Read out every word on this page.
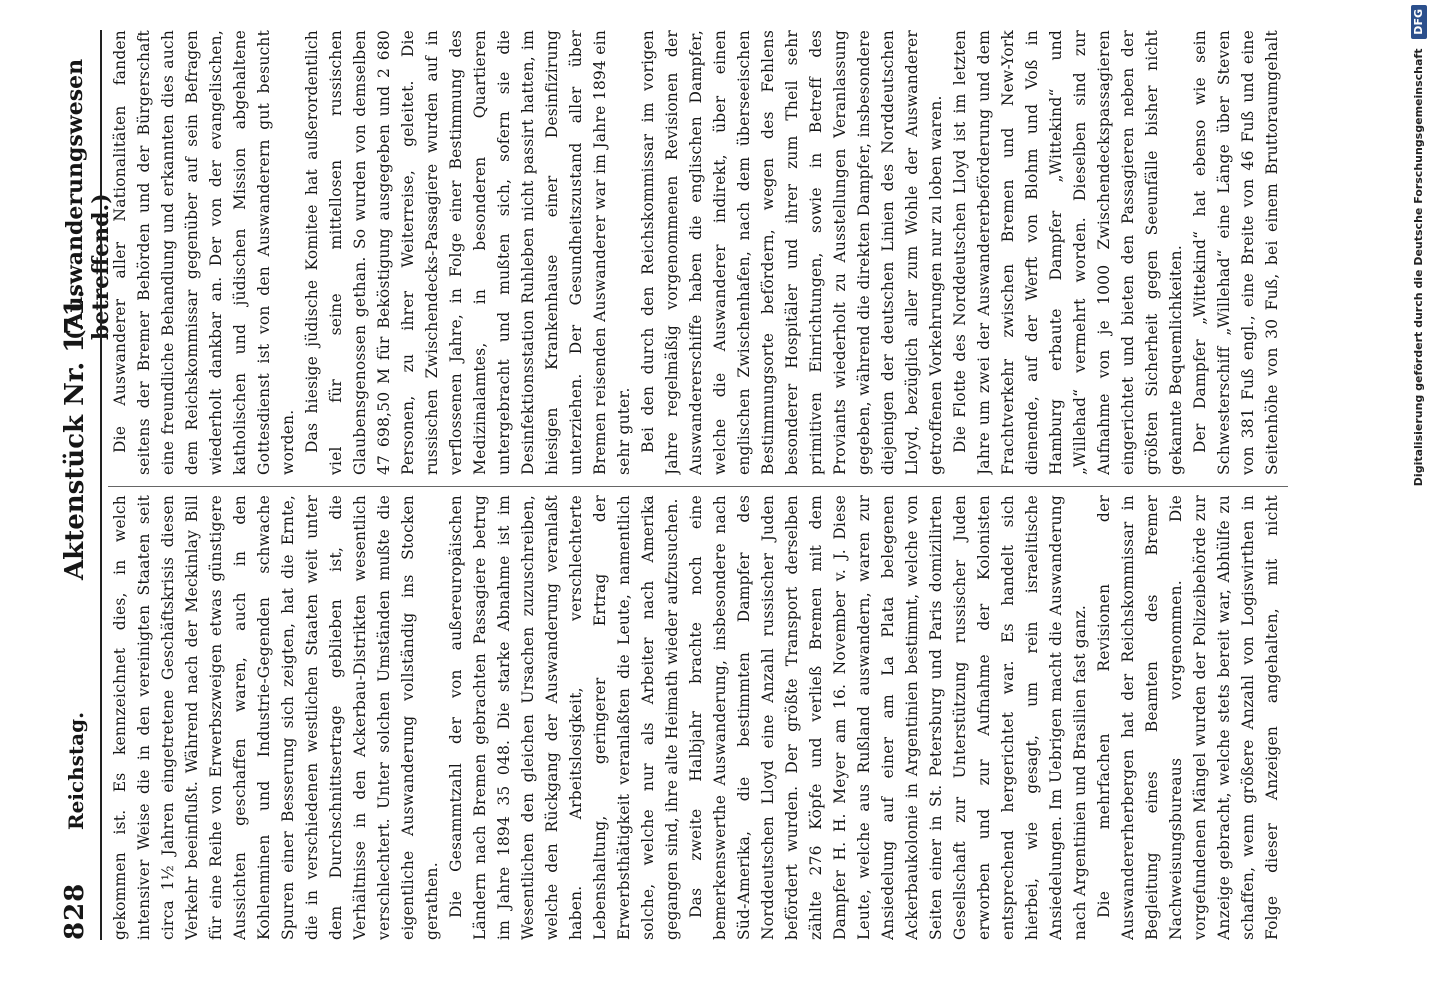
828
Reichstag.
Aktenstück Nr. 171.
(Auswanderungswesen betreffend.)

gekommen ist. Es kennzeichnet dies, in welch intensiver Weise die in den vereinigten Staaten seit circa 1½ Jahren eingetretene Geschäftskrisis diesen Verkehr beeinflußt. Während nach der Meckinlay Bill für eine Reihe von Erwerbszweigen etwas günstigere Aussichten geschaffen waren, auch in den Kohlenminen und Industrie-Gegenden schwache Spuren einer Besserung sich zeigten, hat die Ernte, die in verschiedenen westlichen Staaten weit unter dem Durchschnittsertrage geblieben ist, die Verhältnisse in den Ackerbau-Distrikten wesentlich verschlechtert. Unter solchen Umständen mußte die eigentliche Auswanderung vollständig ins Stocken gerathen. Die Gesammtzahl der von außereuropäischen Ländern nach Bremen gebrachten Passagiere betrug im Jahre 1894 35 048. Die starke Abnahme ist im Wesentlichen den gleichen Ursachen zuzuschreiben, welche den Rückgang der Auswanderung veranlaßt haben. Arbeitslosigkeit, verschlechterte Lebenshaltung, geringerer Ertrag der Erwerbsthätigkeit veranlaßten die Leute, namentlich solche, welche nur als Arbeiter nach Amerika gegangen sind, ihre alte Heimath wieder aufzusuchen. Das zweite Halbjahr brachte noch eine bemerkenswerthe Auswanderung, insbesondere nach Süd-Amerika, die bestimmten Dampfer des Norddeutschen Lloyd eine Anzahl russischer Juden befördert wurden. Der größte Transport derselben zählte 276 Köpfe und verließ Bremen mit dem Dampfer H. H. Meyer am 16. November v. J. Diese Leute, welche aus Rußland auswandern, waren zur Ansiedelung auf einer am La Plata belegenen Ackerbaukolonie in Argentinien bestimmt, welche von Seiten einer in St. Petersburg und Paris domizilirten Gesellschaft zur Unterstützung russischer Juden erworben und zur Aufnahme der Kolonisten entsprechend hergerichtet war. Es handelt sich hierbei, wie gesagt, um rein israelitische Ansiedelungen. Im Uebrigen macht die Auswanderung nach Argentinien und Brasilien fast ganz. Die mehrfachen Revisionen der Auswandererherbergen hat der Reichskommissar in Begleitung eines Beamten des Bremer Nachweisungsbureaus vorgenommen. Die vorgefundenen Mängel wurden der Polizeibehörde zur Anzeige gebracht, welche stets bereit war, Abhülfe zu schaffen, wenn größere Anzahl von Logiswirthen in Folge dieser Anzeigen angehalten, mit nicht

Die Auswanderer aller Nationalitäten fanden seitens der Bremer Behörden und der Bürgerschaft eine freundliche Behandlung und erkannten dies auch dem Reichskommissar gegenüber auf sein Befragen wiederholt dankbar an. Der von der evangelischen, katholischen und jüdischen Mission abgehaltene Gottesdienst ist von den Auswanderern gut besucht worden. Das hiesige jüdische Komitee hat außerordentlich viel für seine mittellosen russischen Glaubensgenossen gethan. So wurden von demselben 47 698,50 M für Beköstigung ausgegeben und 2 680 Personen, zu ihrer Weiterreise, geleitet. Die russischen Zwischendecks-Passagiere wurden auf in verflossenen Jahre, in Folge einer Bestimmung des Medizinalamtes, in besonderen Quartieren untergebracht und mußten sich, sofern sie die Desinfektionsstation Ruhleben nicht passirt hatten, im hiesigen Krankenhause einer Desinfizirung unterziehen. Der Gesundheitszustand aller über Bremen reisenden Auswanderer war im Jahre 1894 ein sehr guter. Bei den durch den Reichskommissar im vorigen Jahre regelmäßig vorgenommenen Revisionen der Auswandererschiffe haben die englischen Dampfer, welche die Auswanderer indirekt, über einen englischen Zwischenhafen, nach dem überseeischen Bestimmungsorte befördern, wegen des Fehlens besonderer Hospitäler und ihrer zum Theil sehr primitiven Einrichtungen, sowie in Betreff des Proviants wiederholt zu Ausstellungen Veranlassung gegeben, während die direkten Dampfer, insbesondere diejenigen der deutschen Linien des Norddeutschen Lloyd, bezüglich aller zum Wohle der Auswanderer getroffenen Vorkehrungen nur zu loben waren. Die Flotte des Norddeutschen Lloyd ist im letzten Jahre um zwei der Auswandererbeförderung und dem Frachtverkehr zwischen Bremen und New-York dienende, auf der Werft von Blohm und Voß in Hamburg erbaute Dampfer „Wittekind“ und „Willehad“ vermehrt worden. Dieselben sind zur Aufnahme von je 1000 Zwischendeckspassagieren eingerichtet und bieten den Passagieren neben der größten Sicherheit gegen Seeunfälle bisher nicht gekannte Bequemlichkeiten. Der Dampfer „Wittekind“ hat ebenso wie sein Schwesterschiff „Willehad“ eine Länge über Steven von 381 Fuß engl., eine Breite von 46 Fuß und eine Seitenhöhe von 30 Fuß, bei einem Bruttoraumgehalt	Digitalisierung gefördert durch die Deutsche Forschungsgemeinschaft DFG
